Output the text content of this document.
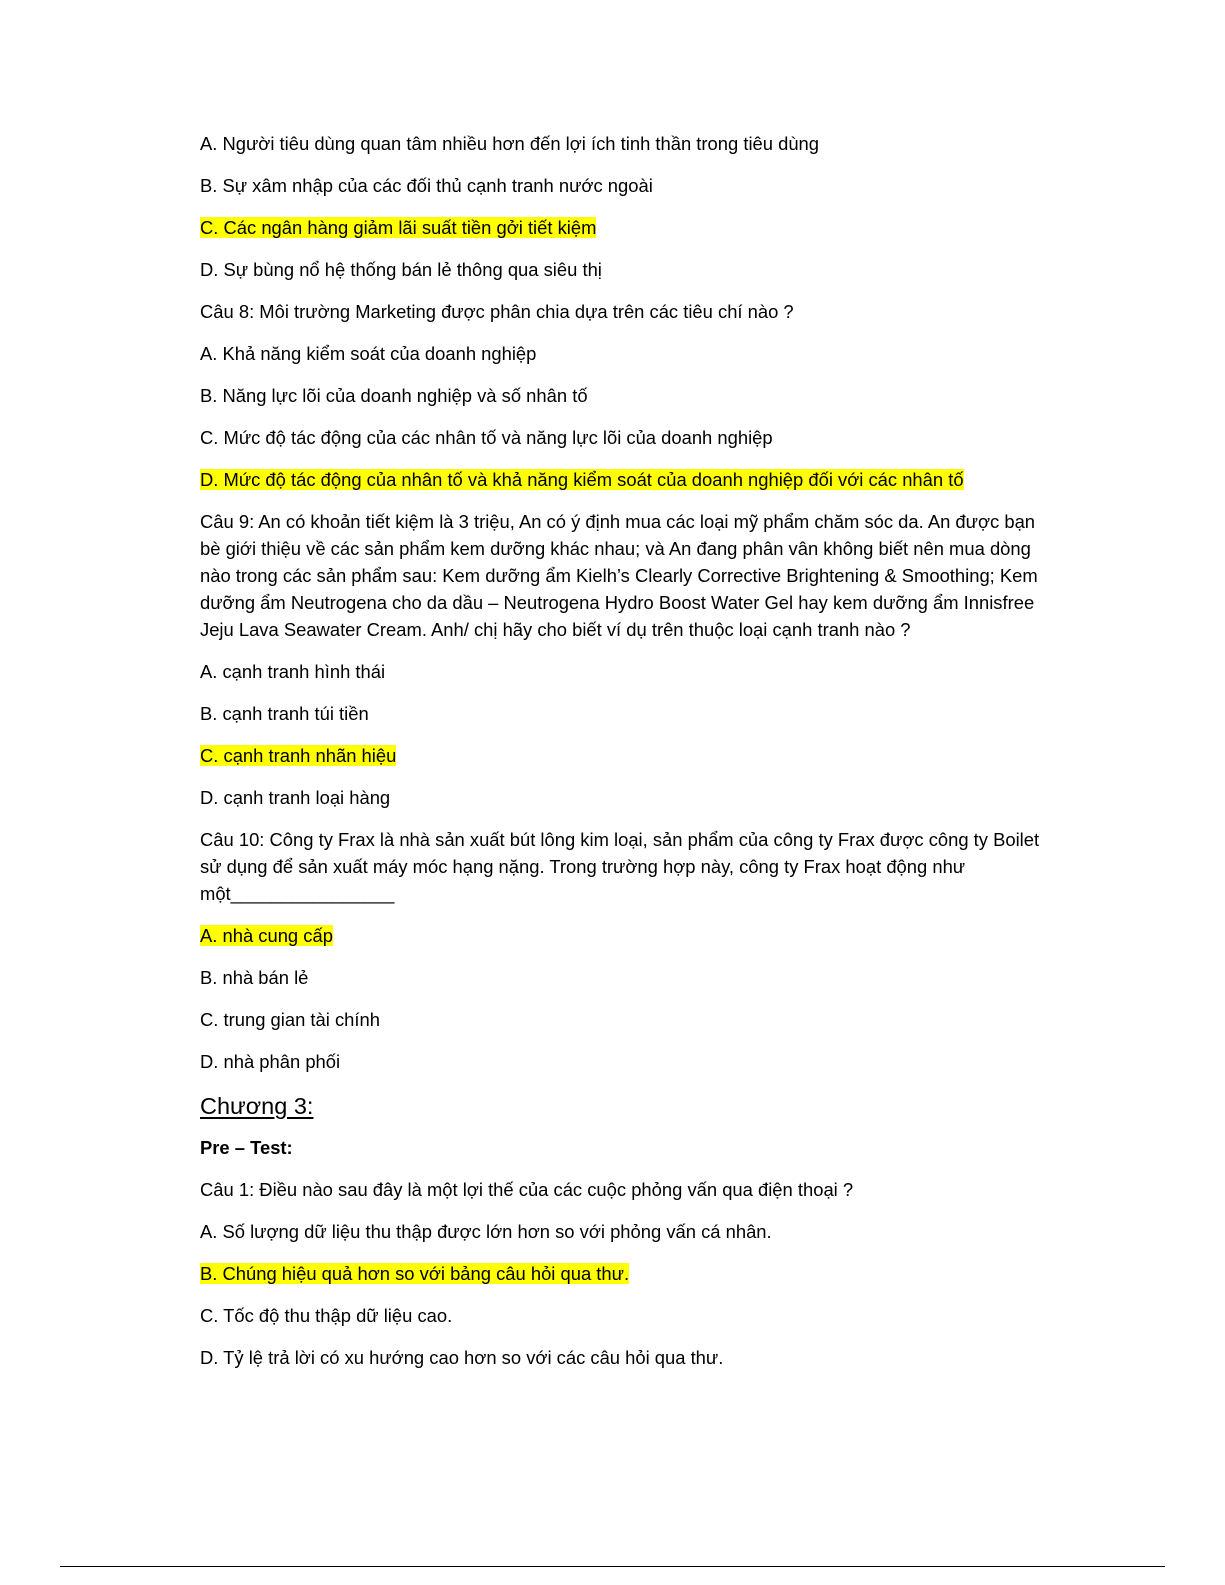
A. Người tiêu dùng quan tâm nhiều hơn đến lợi ích tinh thần trong tiêu dùng

B. Sự xâm nhập của các đối thủ cạnh tranh nước ngoài

C. Các ngân hàng giảm lãi suất tiền gởi tiết kiệm

D. Sự bùng nổ hệ thống bán lẻ thông qua siêu thị

Câu 8: Môi trường Marketing được phân chia dựa trên các tiêu chí nào ?

A. Khả năng kiểm soát của doanh nghiệp

B. Năng lực lõi của doanh nghiệp và số nhân tố

C. Mức độ tác động của các nhân tố và năng lực lõi của doanh nghiệp

D. Mức độ tác động của nhân tố và khả năng kiểm soát của doanh nghiệp đối với các nhân tố

Câu 9: An có khoản tiết kiệm là 3 triệu, An có ý định mua các loại mỹ phẩm chăm sóc da. An được bạn bè giới thiệu về các sản phẩm kem dưỡng khác nhau; và An đang phân vân không biết nên mua dòng nào trong các sản phẩm sau: Kem dưỡng ẩm Kielh’s Clearly Corrective Brightening & Smoothing; Kem dưỡng ẩm Neutrogena cho da dầu – Neutrogena Hydro Boost Water Gel hay kem dưỡng ẩm Innisfree Jeju Lava Seawater Cream. Anh/ chị hãy cho biết ví dụ trên thuộc loại cạnh tranh nào ?

A. cạnh tranh hình thái

B. cạnh tranh túi tiền

C. cạnh tranh nhãn hiệu

D. cạnh tranh loại hàng

Câu 10: Công ty Frax là nhà sản xuất bút lông kim loại, sản phẩm của công ty Frax được công ty Boilet sử dụng để sản xuất máy móc hạng nặng. Trong trường hợp này, công ty Frax hoạt động như một________________

A. nhà cung cấp

B. nhà bán lẻ

C. trung gian tài chính

D. nhà phân phối

Chương 3:

Pre – Test:

Câu 1: Điều nào sau đây là một lợi thế của các cuộc phỏng vấn qua điện thoại ?

A. Số lượng dữ liệu thu thập được lớn hơn so với phỏng vấn cá nhân.

B. Chúng hiệu quả hơn so với bảng câu hỏi qua thư.

C. Tốc độ thu thập dữ liệu cao.

D. Tỷ lệ trả lời có xu hướng cao hơn so với các câu hỏi qua thư.
